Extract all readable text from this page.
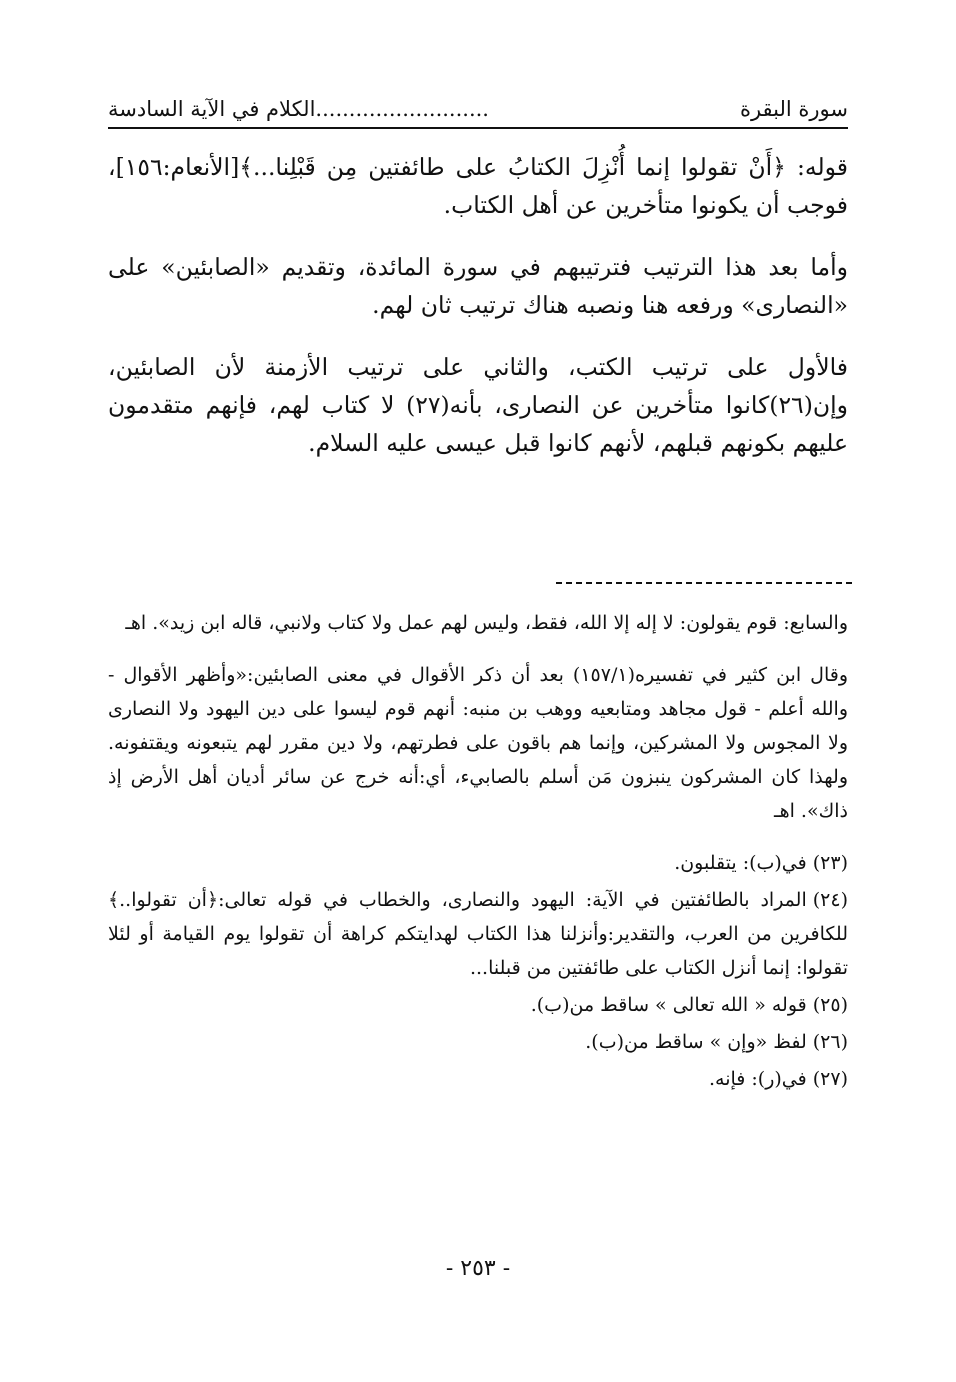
سورة البقرة
..........................الكلام في الآية السادسة

قوله: ﴿أَنْ تقولوا إنما أُنْزِلَ الكتابُ على طائفتين مِن قَبْلِنا...﴾[الأنعام:١٥٦]، فوجب أن يكونوا متأخرين عن أهل الكتاب.

وأما بعد هذا الترتيب فترتيبهم في سورة المائدة، وتقديم «الصابئين» على «النصارى» ورفعه هنا ونصبه هناك ترتيب ثان لهم.

فالأول على ترتيب الكتب، والثاني على ترتيب الأزمنة لأن الصابئين، وإن(٢٦)كانوا متأخرين عن النصارى، بأنه(٢٧) لا كتاب لهم، فإنهم متقدمون عليهم بكونهم قبلهم، لأنهم كانوا قبل عيسى عليه السلام.

والسابع: قوم يقولون: لا إله إلا الله، فقط، وليس لهم عمل ولا كتاب ولانبي، قاله ابن زيد». اهـ

وقال ابن كثير في تفسيره(١٥٧/١) بعد أن ذكر الأقوال في معنى الصابئين:«وأظهر الأقوال - والله أعلم - قول مجاهد ومتابعيه ووهب بن منبه: أنهم قوم ليسوا على دين اليهود ولا النصارى ولا المجوس ولا المشركين، وإنما هم باقون على فطرتهم، ولا دين مقرر لهم يتبعونه ويقتفونه. ولهذا كان المشركون ينبزون مَن أسلم بالصابيء، أي:أنه خرج عن سائر أديان أهل الأرض إذ ذاك». اهـ

(٢٣)في(ب): يتقلبون.

(٢٤)المراد بالطائفتين في الآية: اليهود والنصارى، والخطاب في قوله تعالى:﴿أن تقولوا..﴾ للكافرين من العرب، والتقدير:وأنزلنا هذا الكتاب لهدايتكم كراهة أن تقولوا يوم القيامة أو لئلا تقولوا: إنما أنزل الكتاب على طائفتين من قبلنا...

(٢٥)قوله « الله تعالى » ساقط من(ب).

(٢٦)لفظ «وإن » ساقط من(ب).

(٢٧)في(ر): فإنه.

- ٢٥٣ -
